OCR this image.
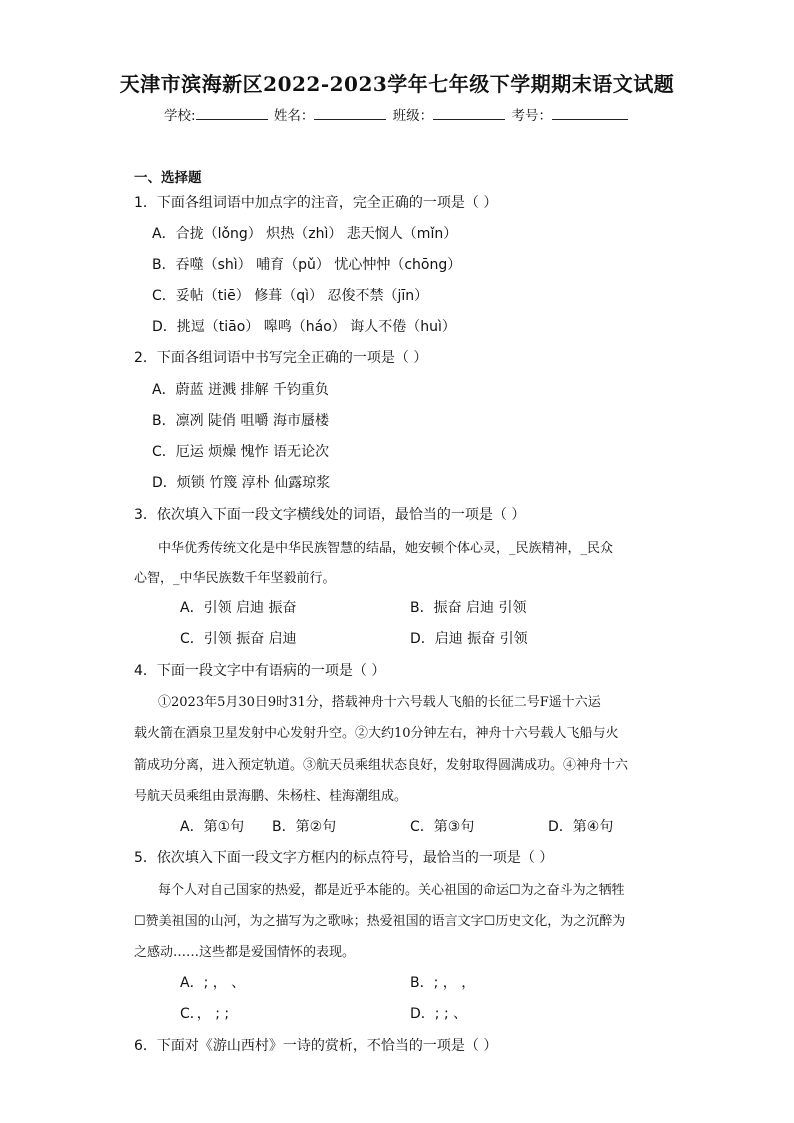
天津市滨海新区2022-2023学年七年级下学期期末语文试题
学校:	姓名：	班级：	考号：
一、选择题
1．下面各组词语中加点字的注音，完全正确的一项是（ ）
A．合拢（lǒng） 炽热（zhì） 悲天悯人（mǐn）
B．吞噬（shì） 哺育（pǔ） 忧心忡忡（chōng）
C．妥帖（tiē） 修葺（qì） 忍俊不禁（jīn）
D．挑逗（tiāo） 嗥鸣（háo） 诲人不倦（huì）
2．下面各组词语中书写完全正确的一项是（ ）
A．蔚蓝 迸溅 排解 千钧重负
B．凛冽 陡俏 咀嚼 海市蜃楼
C．厄运 烦燥 愧怍 语无论次
D．烦锁 竹篾 淳朴 仙露琼浆
3．依次填入下面一段文字横线处的词语，最恰当的一项是（ ）
中华优秀传统文化是中华民族智慧的结晶，她安顿个体心灵，_民族精神，_民众
心智，_中华民族数千年坚毅前行。
A．引领 启迪 振奋	B．振奋 启迪 引领
C．引领 振奋 启迪	D．启迪 振奋 引领
4．下面一段文字中有语病的一项是（ ）
①2023年5月30日9时31分，搭载神舟十六号载人飞船的长征二号F遥十六运
载火箭在酒泉卫星发射中心发射升空。②大约10分钟左右，神舟十六号载人飞船与火
箭成功分离，进入预定轨道。③航天员乘组状态良好，发射取得圆满成功。④神舟十六
号航天员乘组由景海鹏、朱杨柱、桂海潮组成。
A．第①句 B．第②句	C．第③句	D．第④句
5．依次填入下面一段文字方框内的标点符号，最恰当的一项是（ ）
每个人对自己国家的热爱，都是近乎本能的。关心祖国的命运☐为之奋斗为之牺牲
☐赞美祖国的山河，为之描写为之歌咏；热爱祖国的语言文字☐历史文化，为之沉醉为
之感动……这些都是爱国情怀的表现。
A．; ， 、	B．; ， ，
C．， ; ;	D．; ; 、
6．下面对《游山西村》一诗的赏析，不恰当的一项是（ ）
